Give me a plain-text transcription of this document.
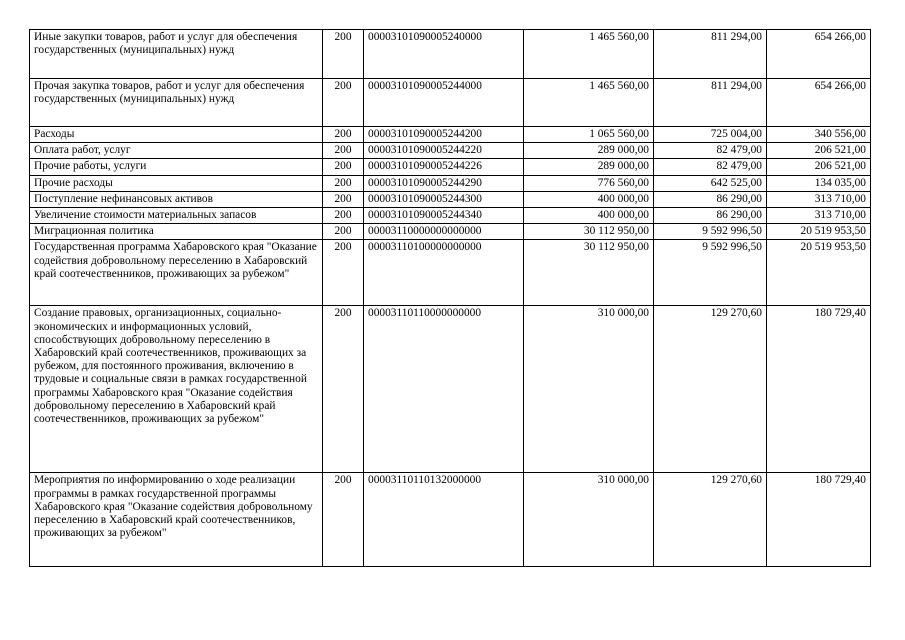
Иные закупки товаров, работ и услуг для обеспечения государственных (муниципальных) нужд	200	00003101090005240000	1 465 560,00	811 294,00	654 266,00
Прочая закупка товаров, работ и услуг для обеспечения государственных (муниципальных) нужд	200	00003101090005244000	1 465 560,00	811 294,00	654 266,00
Расходы	200	00003101090005244200	1 065 560,00	725 004,00	340 556,00
Оплата работ, услуг	200	00003101090005244220	289 000,00	82 479,00	206 521,00
Прочие работы, услуги	200	00003101090005244226	289 000,00	82 479,00	206 521,00
Прочие расходы	200	00003101090005244290	776 560,00	642 525,00	134 035,00
Поступление нефинансовых активов	200	00003101090005244300	400 000,00	86 290,00	313 710,00
Увеличение стоимости материальных запасов	200	00003101090005244340	400 000,00	86 290,00	313 710,00
Миграционная политика	200	00003110000000000000	30 112 950,00	9 592 996,50	20 519 953,50
Государственная программа Хабаровского края "Оказание содействия добровольному переселению в Хабаровский край соотечественников, проживающих за рубежом"	200	00003110100000000000	30 112 950,00	9 592 996,50	20 519 953,50
Создание правовых, организационных, социально-экономических и информационных условий, способствующих добровольному переселению в Хабаровский край соотечественников, проживающих за рубежом, для постоянного проживания, включению в трудовые и социальные связи в рамках государственной программы Хабаровского края "Оказание содействия добровольному переселению в Хабаровский край соотечественников, проживающих за рубежом"	200	00003110110000000000	310 000,00	129 270,60	180 729,40
Мероприятия по информированию о ходе реализации программы в рамках государственной программы Хабаровского края "Оказание содействия добровольному переселению в Хабаровский край соотечественников, проживающих за рубежом"	200	00003110110132000000	310 000,00	129 270,60	180 729,40
